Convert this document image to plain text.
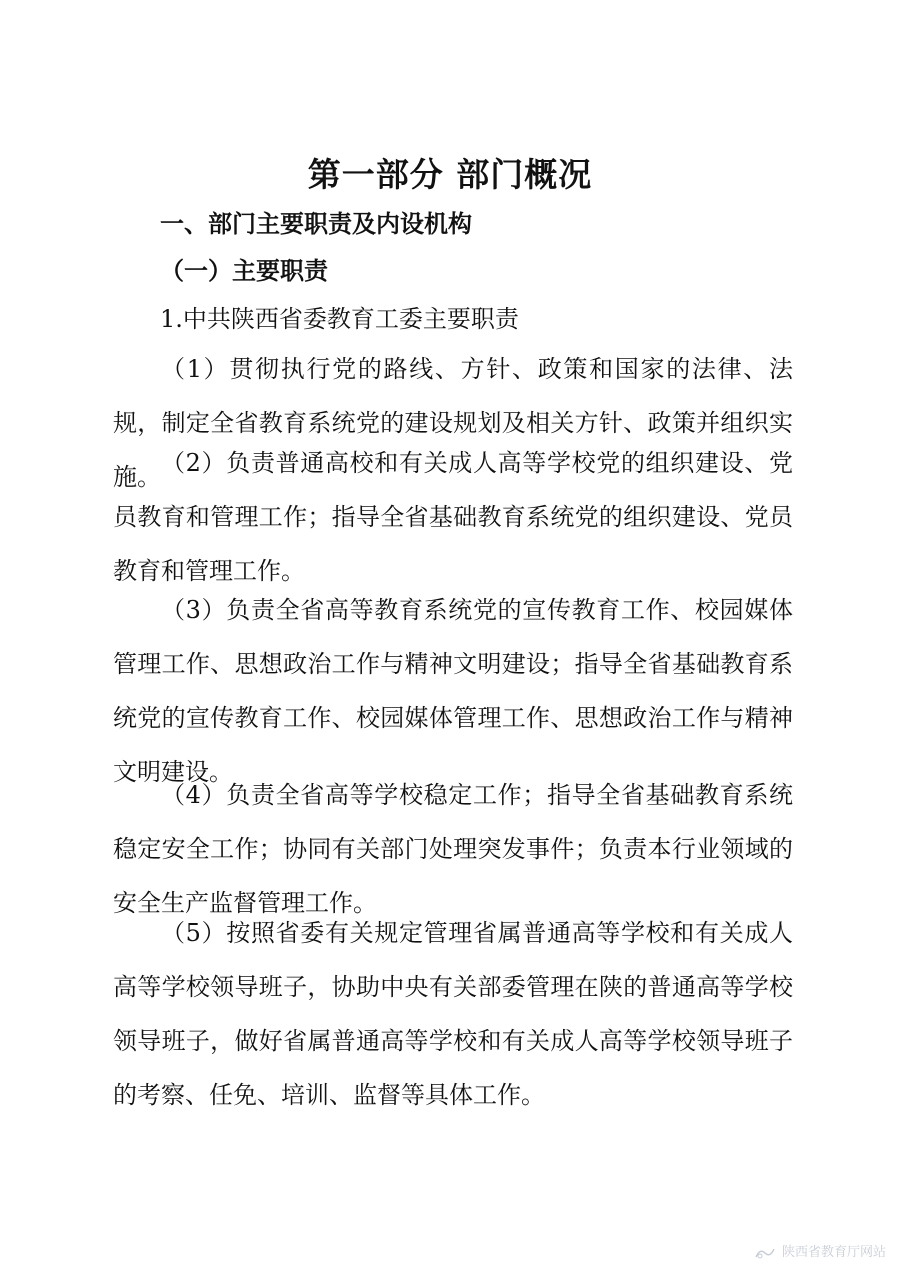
第一部分 部门概况
一、部门主要职责及内设机构
（一）主要职责
1.中共陕西省委教育工委主要职责

（1）贯彻执行党的路线、方针、政策和国家的法律、法规，制定全省教育系统党的建设规划及相关方针、政策并组织实施。 （2）负责普通高校和有关成人高等学校党的组织建设、党员教育和管理工作；指导全省基础教育系统党的组织建设、党员教育和管理工作。

（3）负责全省高等教育系统党的宣传教育工作、校园媒体管理工作、思想政治工作与精神文明建设；指导全省基础教育系统党的宣传教育工作、校园媒体管理工作、思想政治工作与精神文明建设。

（4）负责全省高等学校稳定工作；指导全省基础教育系统稳定安全工作；协同有关部门处理突发事件；负责本行业领域的安全生产监督管理工作。

（5）按照省委有关规定管理省属普通高等学校和有关成人高等学校领导班子，协助中央有关部委管理在陕的普通高等学校领导班子，做好省属普通高等学校和有关成人高等学校领导班子的考察、任免、培训、监督等具体工作。

陕西省教育厅网站
